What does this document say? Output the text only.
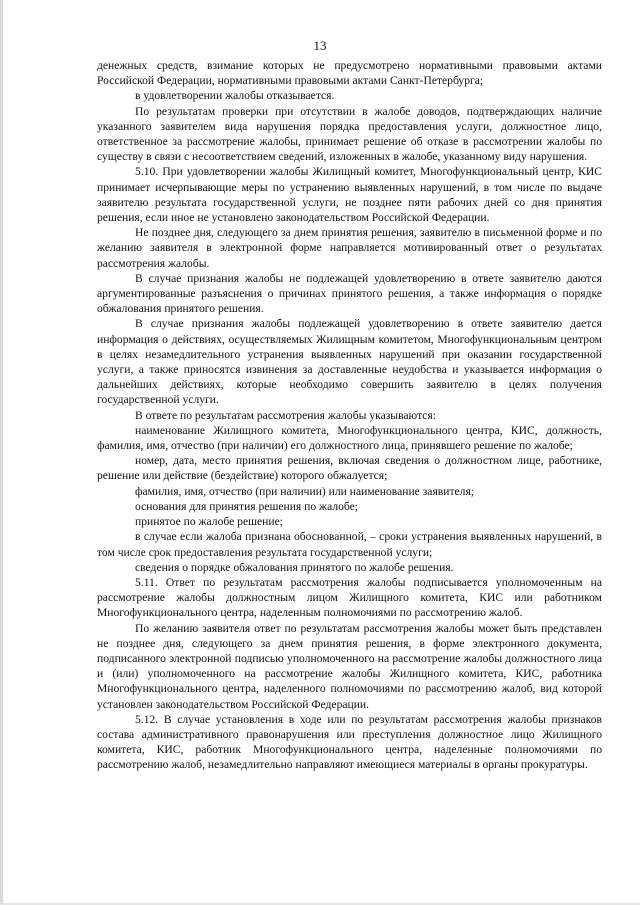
13

денежных средств, взимание которых не предусмотрено нормативными правовыми актами Российской Федерации, нормативными правовыми актами Санкт-Петербурга;

в удовлетворении жалобы отказывается.

По результатам проверки при отсутствии в жалобе доводов, подтверждающих наличие указанного заявителем вида нарушения порядка предоставления услуги, должностное лицо, ответственное за рассмотрение жалобы, принимает решение об отказе в рассмотрении жалобы по существу в связи с несоответствием сведений, изложенных в жалобе, указанному виду нарушения.

5.10. При удовлетворении жалобы Жилищный комитет, Многофункциональный центр, КИС принимает исчерпывающие меры по устранению выявленных нарушений, в том числе по выдаче заявителю результата государственной услуги, не позднее пяти рабочих дней со дня принятия решения, если иное не установлено законодательством Российской Федерации.

Не позднее дня, следующего за днем принятия решения, заявителю в письменной форме и по желанию заявителя в электронной форме направляется мотивированный ответ о результатах рассмотрения жалобы.

В случае признания жалобы не подлежащей удовлетворению в ответе заявителю даются аргументированные разъяснения о причинах принятого решения, а также информация о порядке обжалования принятого решения.

В случае признания жалобы подлежащей удовлетворению в ответе заявителю дается информация о действиях, осуществляемых Жилищным комитетом, Многофункциональным центром в целях незамедлительного устранения выявленных нарушений при оказании государственной услуги, а также приносятся извинения за доставленные неудобства и указывается информация о дальнейших действиях, которые необходимо совершить заявителю в целях получения государственной услуги.

В ответе по результатам рассмотрения жалобы указываются:

наименование Жилищного комитета, Многофункционального центра, КИС, должность, фамилия, имя, отчество (при наличии) его должностного лица, принявшего решение по жалобе;

номер, дата, место принятия решения, включая сведения о должностном лице, работнике, решение или действие (бездействие) которого обжалуется;

фамилия, имя, отчество (при наличии) или наименование заявителя;

основания для принятия решения по жалобе;

принятое по жалобе решение;

в случае если жалоба признана обоснованной, – сроки устранения выявленных нарушений, в том числе срок предоставления результата государственной услуги;

сведения о порядке обжалования принятого по жалобе решения.

5.11. Ответ по результатам рассмотрения жалобы подписывается уполномоченным на рассмотрение жалобы должностным лицом Жилищного комитета, КИС или работником Многофункционального центра, наделенным полномочиями по рассмотрению жалоб.

По желанию заявителя ответ по результатам рассмотрения жалобы может быть представлен не позднее дня, следующего за днем принятия решения, в форме электронного документа, подписанного электронной подписью уполномоченного на рассмотрение жалобы должностного лица и (или) уполномоченного на рассмотрение жалобы Жилищного комитета, КИС, работника Многофункционального центра, наделенного полномочиями по рассмотрению жалоб, вид которой установлен законодательством Российской Федерации.

5.12. В случае установления в ходе или по результатам рассмотрения жалобы признаков состава административного правонарушения или преступления должностное лицо Жилищного комитета, КИС, работник Многофункционального центра, наделенные полномочиями по рассмотрению жалоб, незамедлительно направляют имеющиеся материалы в органы прокуратуры.
